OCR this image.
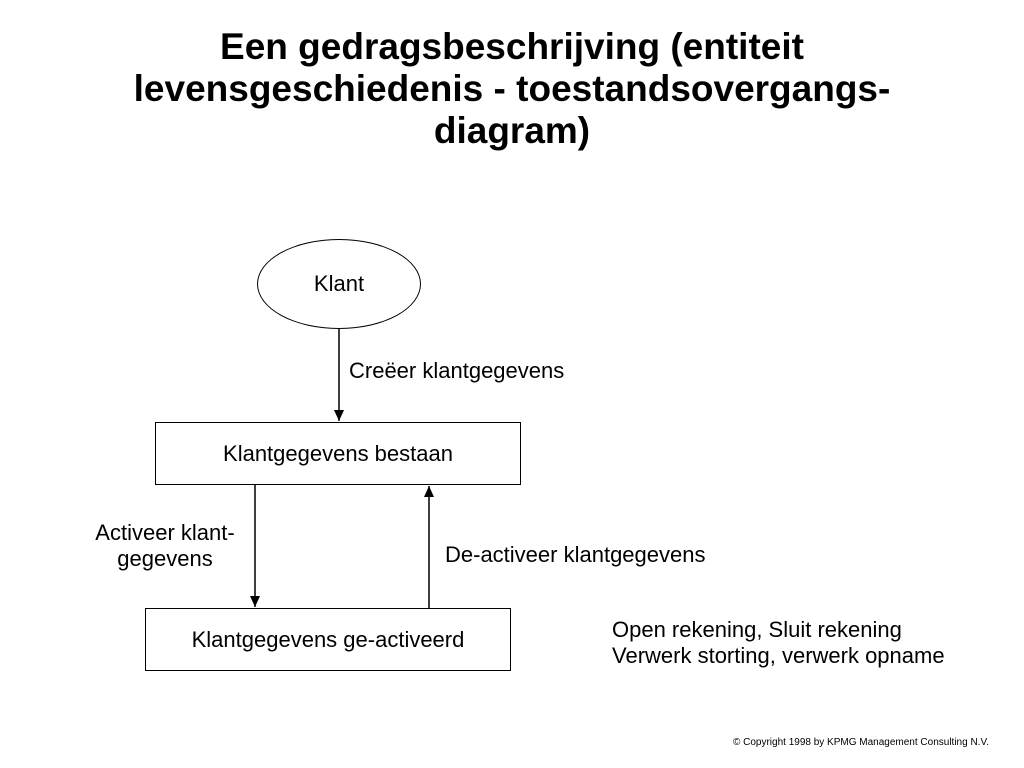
Een gedragsbeschrijving (entiteit
levensgeschiedenis - toestandsovergangs-
diagram)
Klant
Klantgegevens bestaan
Klantgegevens ge-activeerd
Creëer klantgegevens
Activeer klant-
gegevens	De-activeer klantgegevens
Open rekening, Sluit rekening
Verwerk storting, verwerk opname
© Copyright 1998 by KPMG Management Consulting N.V.
